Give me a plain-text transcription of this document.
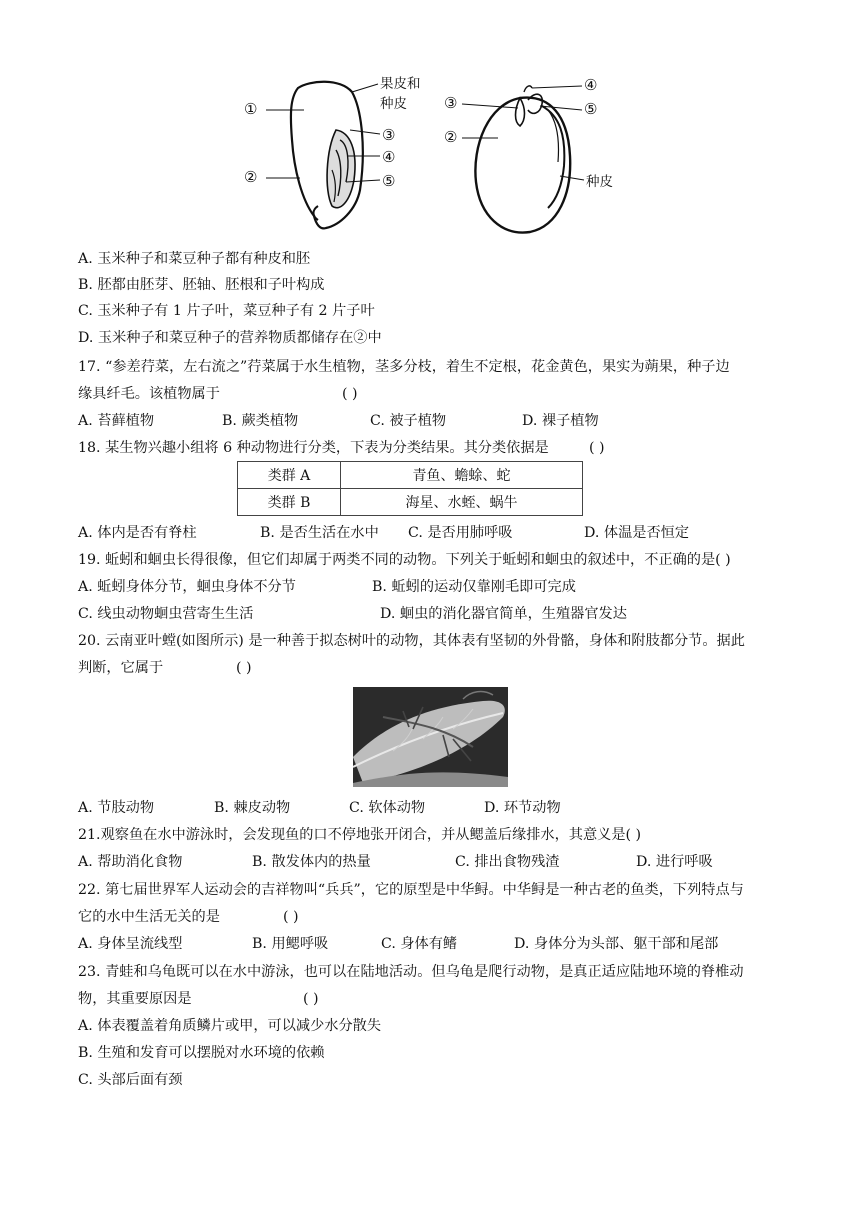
①
②
③
④
⑤
果皮和
种皮 ③
②
④
⑤
种皮
A. 玉米种子和菜豆种子都有种皮和胚
B. 胚都由胚芽、胚轴、胚根和子叶构成
C. 玉米种子有 1 片子叶，菜豆种子有 2 片子叶
D. 玉米种子和菜豆种子的营养物质都储存在②中
17. “参差荇菜，左右流之”荇菜属于水生植物，茎多分枝，着生不定根，花金黄色，果实为蒴果，种子边
缘具纤毛。该植物属于	( )
A. 苔藓植物	B. 蕨类植物	C. 被子植物	D. 裸子植物
18. 某生物兴趣小组将 6 种动物进行分类，下表为分类结果。其分类依据是	( )
类群 A	青鱼、蟾蜍、蛇
类群 B	海星、水蛭、蜗牛
A. 体内是否有脊柱	B. 是否生活在水中 C. 是否用肺呼吸	D. 体温是否恒定
19. 蚯蚓和蛔虫长得很像，但它们却属于两类不同的动物。下列关于蚯蚓和蛔虫的叙述中，不正确的是( )
A. 蚯蚓身体分节，蛔虫身体不分节	B. 蚯蚓的运动仅靠刚毛即可完成
C. 线虫动物蛔虫营寄生生活	D. 蛔虫的消化器官简单，生殖器官发达
20. 云南亚叶螳(如图所示) 是一种善于拟态树叶的动物，其体表有坚韧的外骨骼，身体和附肢都分节。据此
判断，它属于	( )
A. 节肢动物	B. 棘皮动物	C. 软体动物	D. 环节动物
21.观察鱼在水中游泳时，会发现鱼的口不停地张开闭合，并从鳃盖后缘排水，其意义是( )
A. 帮助消化食物	B. 散发体内的热量	C. 排出食物残渣	D. 进行呼吸
22. 第七届世界军人运动会的吉祥物叫“兵兵”，它的原型是中华鲟。中华鲟是一种古老的鱼类，下列特点与
它的水中生活无关的是	( )
A. 身体呈流线型	B. 用鳃呼吸	C. 身体有鳍	D. 身体分为头部、躯干部和尾部
23. 青蛙和乌龟既可以在水中游泳，也可以在陆地活动。但乌龟是爬行动物，是真正适应陆地环境的脊椎动
物，其重要原因是	( )
A. 体表覆盖着角质鳞片或甲，可以减少水分散失
B. 生殖和发育可以摆脱对水环境的依赖
C. 头部后面有颈
